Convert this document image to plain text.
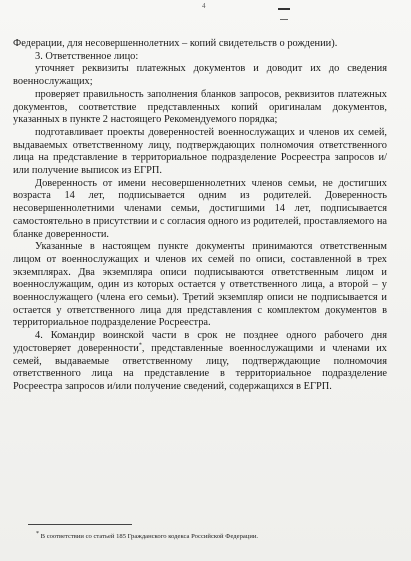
4

Федерации, для несовершеннолетних – копий свидетельств о рождении).

3. Ответственное лицо:

уточняет реквизиты платежных документов и доводит их до сведения военнослужащих;

проверяет правильность заполнения бланков запросов, реквизитов платежных документов, соответствие представленных копий оригиналам документов, указанных в пункте 2 настоящего Рекомендуемого порядка;

подготавливает проекты доверенностей военнослужащих и членов их семей, выдаваемых ответственному лицу, подтверждающих полномочия ответственного лица на представление в территориальное подразделение Росреестра запросов и/или получение выписок из ЕГРП.

Доверенность от имени несовершеннолетних членов семьи, не достигших возраста 14 лет, подписывается одним из родителей. Доверенность несовершеннолетними членами семьи, достигшими 14 лет, подписывается самостоятельно в присутствии и с согласия одного из родителей, проставляемого на бланке доверенности.

Указанные в настоящем пункте документы принимаются ответственным лицом от военнослужащих и членов их семей по описи, составленной в трех экземплярах. Два экземпляра описи подписываются ответственным лицом и военнослужащим, один из которых остается у ответственного лица, а второй – у военнослужащего (члена его семьи). Третий экземпляр описи не подписывается и остается у ответственного лица для представления с комплектом документов в территориальное подразделение Росреестра.

4. Командир воинской части в срок не позднее одного рабочего дня удостоверяет доверенности*, представленные военнослужащими и членами их семей, выдаваемые ответственному лицу, подтверждающие полномочия ответственного лица на представление в территориальное подразделение Росреестра запросов и/или получение сведений, содержащихся в ЕГРП.

* В соответствии со статьей 185 Гражданского кодекса Российской Федерации.
